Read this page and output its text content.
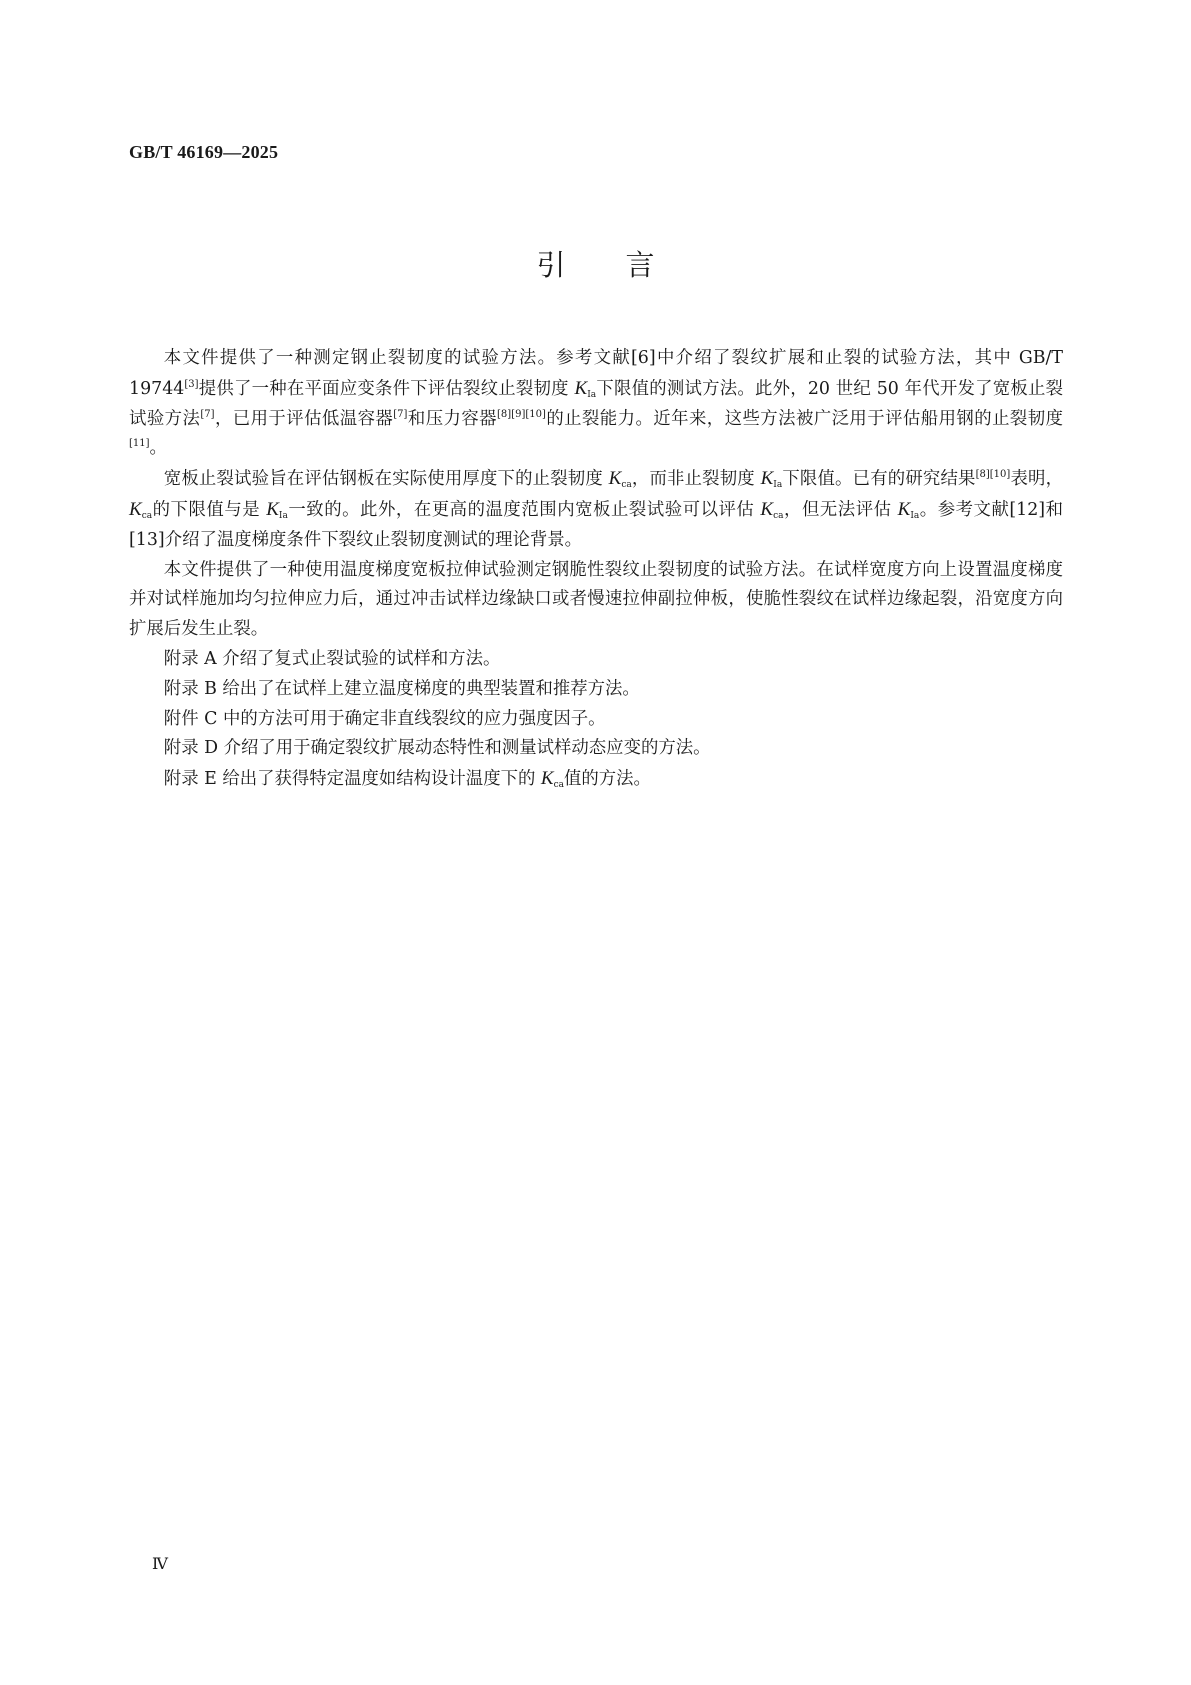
GB/T 46169—2025
引 言

本文件提供了一种测定钢止裂韧度的试验方法。参考文献[6]中介绍了裂纹扩展和止裂的试验方法，其中 GB/T 19744[3]提供了一种在平面应变条件下评估裂纹止裂韧度 $K_{Ia}$下限值的测试方法。此外，20 世纪 50 年代开发了宽板止裂试验方法[7]，已用于评估低温容器[7]和压力容器[8][9][10]的止裂能力。近年来，这些方法被广泛用于评估船用钢的止裂韧度[11]。

宽板止裂试验旨在评估钢板在实际使用厚度下的止裂韧度 $K_{ca}$，而非止裂韧度 $K_{Ia}$下限值。已有的研究结果[8][10]表明，$K_{ca}$的下限值与是 $K_{Ia}$一致的。此外，在更高的温度范围内宽板止裂试验可以评估 $K_{ca}$，但无法评估 $K_{Ia}$。参考文献[12]和[13]介绍了温度梯度条件下裂纹止裂韧度测试的理论背景。

本文件提供了一种使用温度梯度宽板拉伸试验测定钢脆性裂纹止裂韧度的试验方法。在试样宽度方向上设置温度梯度并对试样施加均匀拉伸应力后，通过冲击试样边缘缺口或者慢速拉伸副拉伸板，使脆性裂纹在试样边缘起裂，沿宽度方向扩展后发生止裂。

附录 A 介绍了复式止裂试验的试样和方法。

附录 B 给出了在试样上建立温度梯度的典型装置和推荐方法。

附件 C 中的方法可用于确定非直线裂纹的应力强度因子。

附录 D 介绍了用于确定裂纹扩展动态特性和测量试样动态应变的方法。

附录 E 给出了获得特定温度如结构设计温度下的 $K_{ca}$值的方法。

Ⅳ
